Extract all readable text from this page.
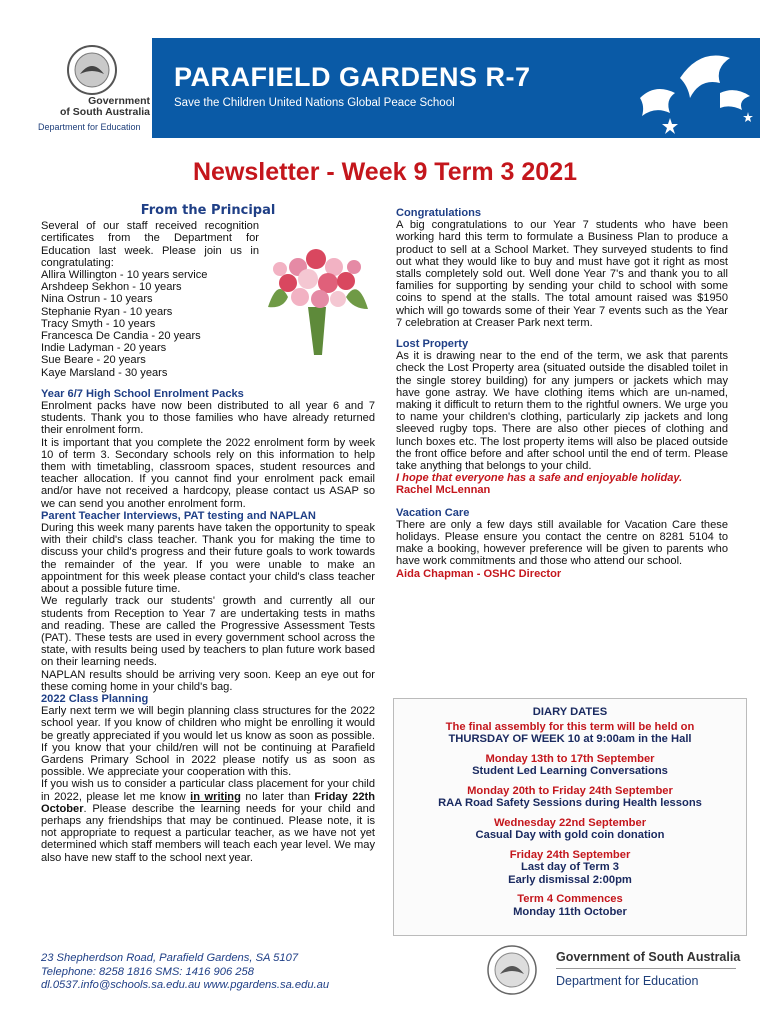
Government
of South Australia
Department for Education
PARAFIELD GARDENS R-7
Save the Children United Nations Global Peace School
Newsletter - Week 9 Term 3 2021
From the Principal

Several of our staff received recognition certificates from the Department for Education last week. Please join us in congratulating:

Allira Willington - 10 years service
Arshdeep Sekhon - 10 years
Nina Ostrun - 10 years
Stephanie Ryan - 10 years
Tracy Smyth - 10 years
Francesca De Candia - 20 years
Indie Ladyman - 20 years
Sue Beare - 20 years
Kaye Marsland - 30 years

Year 6/7 High School Enrolment Packs

Enrolment packs have now been distributed to all year 6 and 7 students. Thank you to those families who have already returned their enrolment form.

It is important that you complete the 2022 enrolment form by week 10 of term 3. Secondary schools rely on this information to help them with timetabling, classroom spaces, student resources and teacher allocation. If you cannot find your enrolment pack email and/or have not received a hardcopy, please contact us ASAP so we can send you another enrolment form.

Parent Teacher Interviews, PAT testing and NAPLAN

During this week many parents have taken the opportunity to speak with their child's class teacher. Thank you for making the time to discuss your child's progress and their future goals to work towards the remainder of the year. If you were unable to make an appointment for this week please contact your child's class teacher about a possible future time.

We regularly track our students' growth and currently all our students from Reception to Year 7 are undertaking tests in maths and reading. These are called the Progressive Assessment Tests (PAT). These tests are used in every government school across the state, with results being used by teachers to plan future work based on their learning needs.

NAPLAN results should be arriving very soon. Keep an eye out for these coming home in your child's bag.

2022 Class Planning

Early next term we will begin planning class structures for the 2022 school year. If you know of children who might be enrolling it would be greatly appreciated if you would let us know as soon as possible. If you know that your child/ren will not be continuing at Parafield Gardens Primary School in 2022 please notify us as soon as possible. We appreciate your cooperation with this.

If you wish us to consider a particular class placement for your child in 2022, please let me know in writing no later than Friday 22th October. Please describe the learning needs for your child and perhaps any friendships that may be continued. Please note, it is not appropriate to request a particular teacher, as we have not yet determined which staff members will teach each year level. We may also have new staff to the school next year.

Congratulations

A big congratulations to our Year 7 students who have been working hard this term to formulate a Business Plan to produce a product to sell at a School Market. They surveyed students to find out what they would like to buy and must have got it right as most stalls completely sold out. Well done Year 7's and thank you to all families for supporting by sending your child to school with some coins to spend at the stalls. The total amount raised was $1950 which will go towards some of their Year 7 events such as the Year 7 celebration at Creaser Park next term.

Lost Property

As it is drawing near to the end of the term, we ask that parents check the Lost Property area (situated outside the disabled toilet in the single storey building) for any jumpers or jackets which may have gone astray. We have clothing items which are un-named, making it difficult to return them to the rightful owners. We urge you to name your children's clothing, particularly zip jackets and long sleeved rugby tops. There are also other pieces of clothing and lunch boxes etc. The lost property items will also be placed outside the front office before and after school until the end of term. Please take anything that belongs to your child.

I hope that everyone has a safe and enjoyable holiday.

Rachel McLennan

Vacation Care

There are only a few days still available for Vacation Care these holidays. Please ensure you contact the centre on 8281 5104 to make a booking, however preference will be given to parents who have work commitments and those who attend our school.

Aida Chapman - OSHC Director

DIARY DATES
The final assembly for this term will be held on
THURSDAY OF WEEK 10 at 9:00am in the Hall
Monday 13th to 17th September
Student Led Learning Conversations
Monday 20th to Friday 24th September
RAA Road Safety Sessions during Health lessons
Wednesday 22nd September
Casual Day with gold coin donation
Friday 24th September
Last day of Term 3
Early dismissal 2:00pm
Term 4 Commences
Monday 11th October
23 Shepherdson Road, Parafield Gardens, SA 5107
Telephone: 8258 1816 SMS: 1416 906 258
dl.0537.info@schools.sa.edu.au www.pgardens.sa.edu.au
Government of South Australia
Department for Education
